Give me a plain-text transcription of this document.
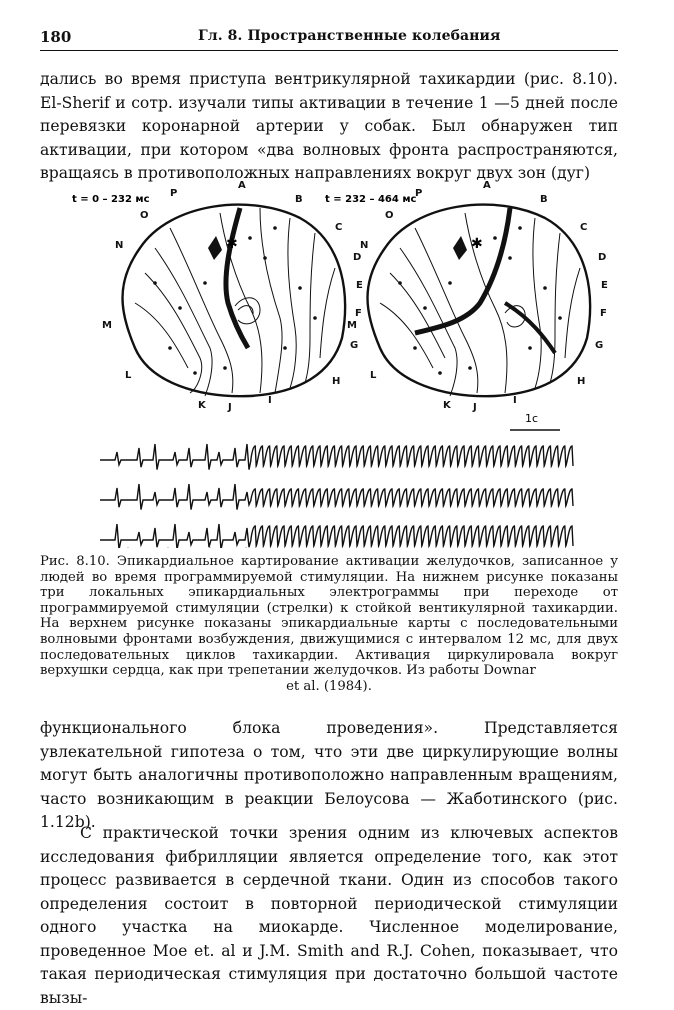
180	Гл. 8. Пространственные колебания

дались во время приступа вентрикулярной тахикардии (рис. 8.10). El-Sherif и сотр. изучали типы активации в течение 1 —5 дней после перевязки коронарной артерии у собак. Был обнаружен тип активации, при котором «два волновых фронта распространяются, вращаясь в противоположных направлениях вокруг двух зон (дуг)

t = 0 – 232 мс
✱
A
B
C
D
E
F
G
H
I
J
K
L
M
N
O
P
t = 232 – 464 мс
✱
A
B
C
D
E
F
G
H
I
J
K
L
M
N
O
P
1с

Рис. 8.10. Эпикардиальное картирование активации желудочков, записанное у людей во время программируемой стимуляции. На нижнем рисунке показаны три локальных эпикардиальных электрограммы при переходе от программируемой стимуляции (стрелки) к стойкой вентикулярной тахикардии. На верхнем рисунке показаны эпикардиальные карты с последовательными волновыми фронтами возбуждения, движущимися с интервалом 12 мс, для двух последовательных циклов тахикардии. Активация циркулировала вокруг верхушки сердца, как при трепетании желудочков. Из работы Downar
et al. (1984).

функционального блока проведения». Представляется увлекательной гипотеза о том, что эти две циркулирующие волны могут быть аналогичны противоположно направленным вращениям, часто возникающим в реакции Белоусова — Жаботинского (рис. 1.12b).

С практической точки зрения одним из ключевых аспектов исследования фибрилляции является определение того, как этот процесс развивается в сердечной ткани. Один из способов такого определения состоит в повторной периодической стимуляции одного участка на миокарде. Численное моделирование, проведенное Moe et. al и J.M. Smith and R.J. Cohen, показывает, что такая периодическая стимуляция при достаточно большой частоте вызы-
